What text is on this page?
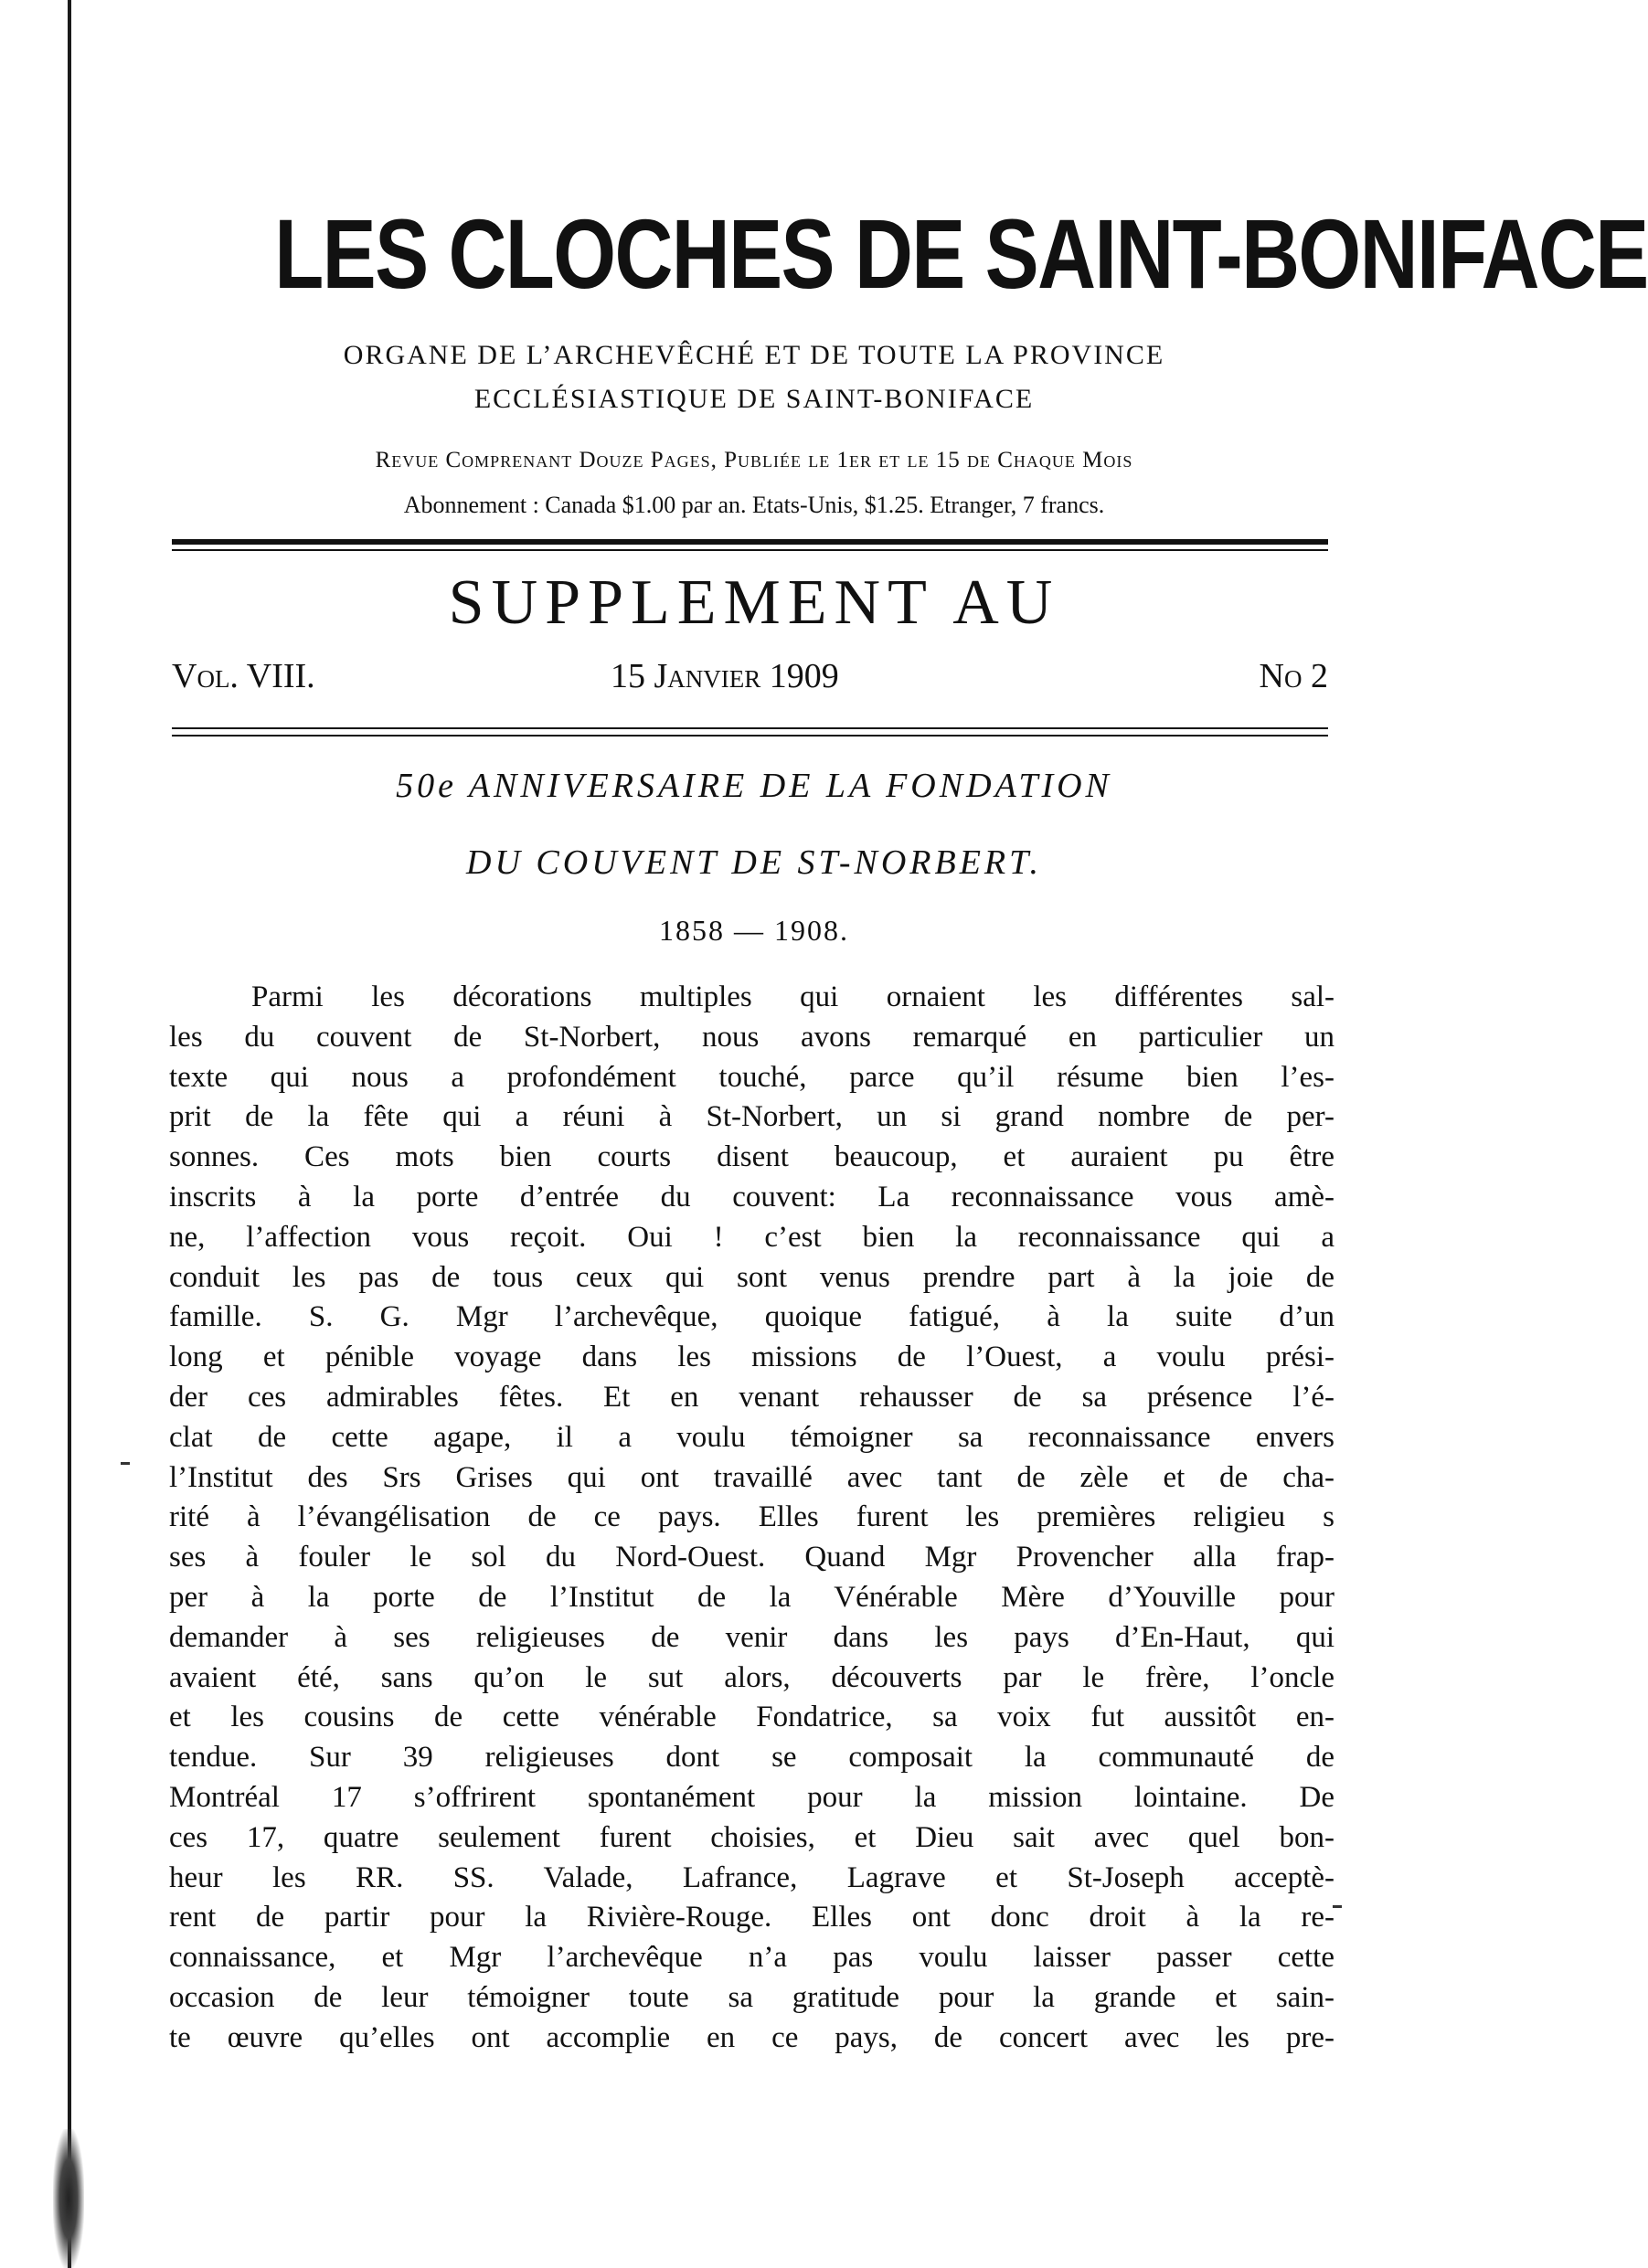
LES CLOCHES DE SAINT-BONIFACE
ORGANE DE L’ARCHEVÊCHÉ ET DE TOUTE LA PROVINCE
ECCLÉSIASTIQUE DE SAINT-BONIFACE
Revue Comprenant Douze Pages, Publiée le 1er et le 15 de Chaque Mois
Abonnement : Canada $1.00 par an. Etats-Unis, $1.25. Etranger, 7 francs.
SUPPLEMENT AU
Vol. VIII.	15 Janvier 1909	No 2
50e ANNIVERSAIRE DE LA FONDATION
DU COUVENT DE ST-NORBERT.
1858 — 1908.
Parmi les décorations multiples qui ornaient les différentes sal-
les du couvent de St-Norbert, nous avons remarqué en particulier un
texte qui nous a profondément touché, parce qu’il résume bien l’es-
prit de la fête qui a réuni à St-Norbert, un si grand nombre de per-
sonnes. Ces mots bien courts disent beaucoup, et auraient pu être
inscrits à la porte d’entrée du couvent: La reconnaissance vous amè-
ne, l’affection vous reçoit. Oui ! c’est bien la reconnaissance qui a
conduit les pas de tous ceux qui sont venus prendre part à la joie de
famille. S. G. Mgr l’archevêque, quoique fatigué, à la suite d’un
long et pénible voyage dans les missions de l’Ouest, a voulu prési-
der ces admirables fêtes. Et en venant rehausser de sa présence l’é-
clat de cette agape, il a voulu témoigner sa reconnaissance envers
l’Institut des Srs Grises qui ont travaillé avec tant de zèle et de cha-
rité à l’évangélisation de ce pays. Elles furent les premières religieu s
ses à fouler le sol du Nord-Ouest. Quand Mgr Provencher alla frap-
per à la porte de l’Institut de la Vénérable Mère d’Youville pour
demander à ses religieuses de venir dans les pays d’En-Haut, qui
avaient été, sans qu’on le sut alors, découverts par le frère, l’oncle
et les cousins de cette vénérable Fondatrice, sa voix fut aussitôt en-
tendue. Sur 39 religieuses dont se composait la communauté de
Montréal 17 s’offrirent spontanément pour la mission lointaine. De
ces 17, quatre seulement furent choisies, et Dieu sait avec quel bon-
heur les RR. SS. Valade, Lafrance, Lagrave et St-Joseph acceptè-
rent de partir pour la Rivière-Rouge. Elles ont donc droit à la re-
connaissance, et Mgr l’archevêque n’a pas voulu laisser passer cette
occasion de leur témoigner toute sa gratitude pour la grande et sain-
te œuvre qu’elles ont accomplie en ce pays, de concert avec les pre-
